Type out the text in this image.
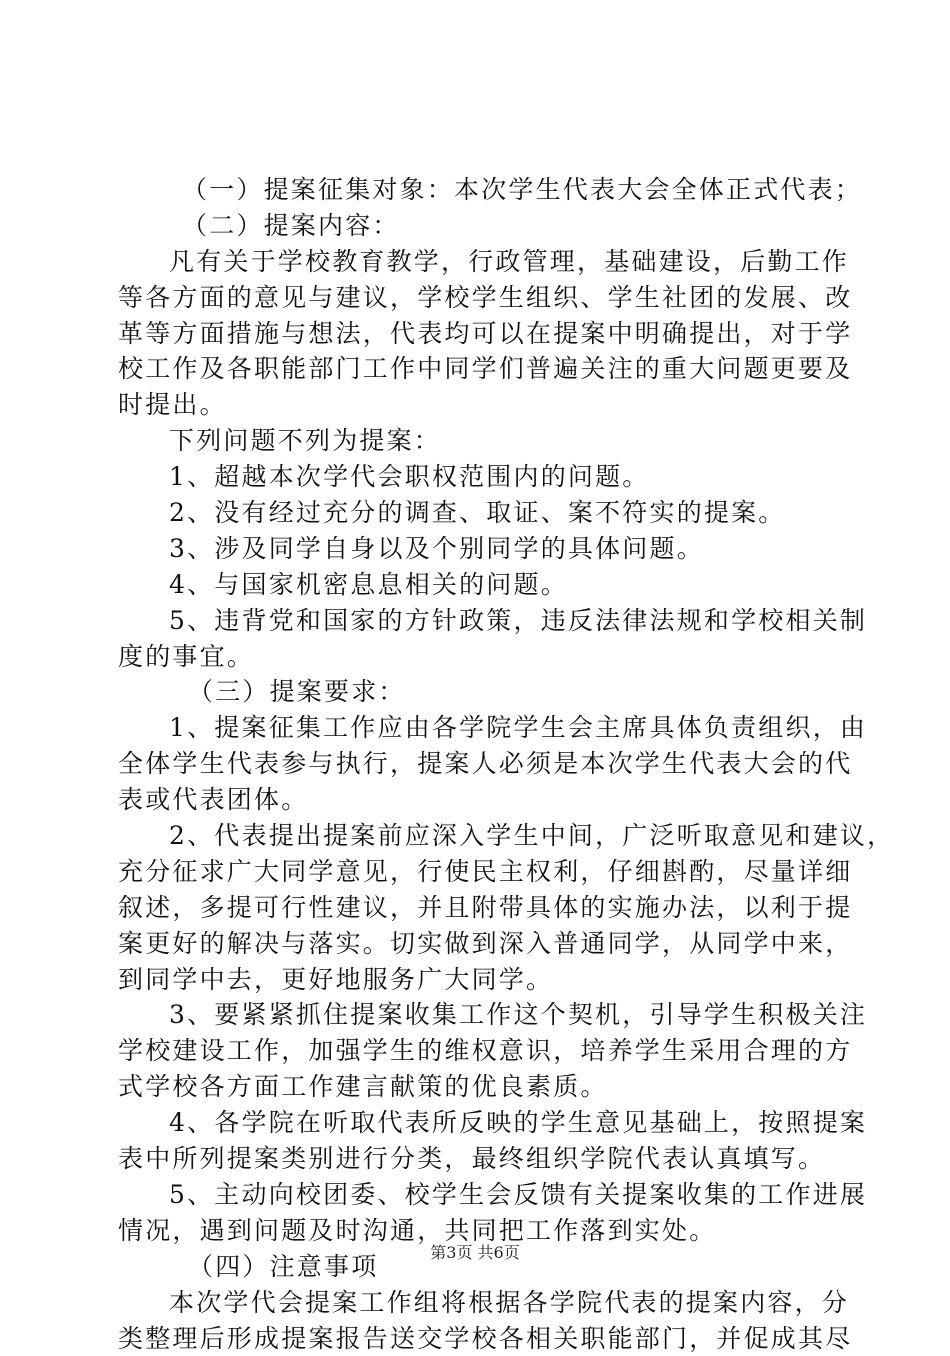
（一）提案征集对象：本次学生代表大会全体正式代表；
（二）提案内容：
凡有关于学校教育教学，行政管理，基础建设，后勤工作
等各方面的意见与建议，学校学生组织、学生社团的发展、改
革等方面措施与想法，代表均可以在提案中明确提出，对于学
校工作及各职能部门工作中同学们普遍关注的重大问题更要及
时提出。
下列问题不列为提案：
1、超越本次学代会职权范围内的问题。
2、没有经过充分的调查、取证、案不符实的提案。
3、涉及同学自身以及个别同学的具体问题。
4、与国家机密息息相关的问题。
5、违背党和国家的方针政策，违反法律法规和学校相关制
度的事宜。
（三）提案要求：
1、提案征集工作应由各学院学生会主席具体负责组织，由
全体学生代表参与执行，提案人必须是本次学生代表大会的代
表或代表团体。
2、代表提出提案前应深入学生中间，广泛听取意见和建议，
充分征求广大同学意见，行使民主权利，仔细斟酌，尽量详细
叙述，多提可行性建议，并且附带具体的实施办法，以利于提
案更好的解决与落实。切实做到深入普通同学，从同学中来，
到同学中去，更好地服务广大同学。
3、要紧紧抓住提案收集工作这个契机，引导学生积极关注
学校建设工作，加强学生的维权意识，培养学生采用合理的方
式学校各方面工作建言献策的优良素质。
4、各学院在听取代表所反映的学生意见基础上，按照提案
表中所列提案类别进行分类，最终组织学院代表认真填写。
5、主动向校团委、校学生会反馈有关提案收集的工作进展
情况，遇到问题及时沟通，共同把工作落到实处。
（四）注意事项
本次学代会提案工作组将根据各学院代表的提案内容，分
类整理后形成提案报告送交学校各相关职能部门，并促成其尽
第3页 共6页
